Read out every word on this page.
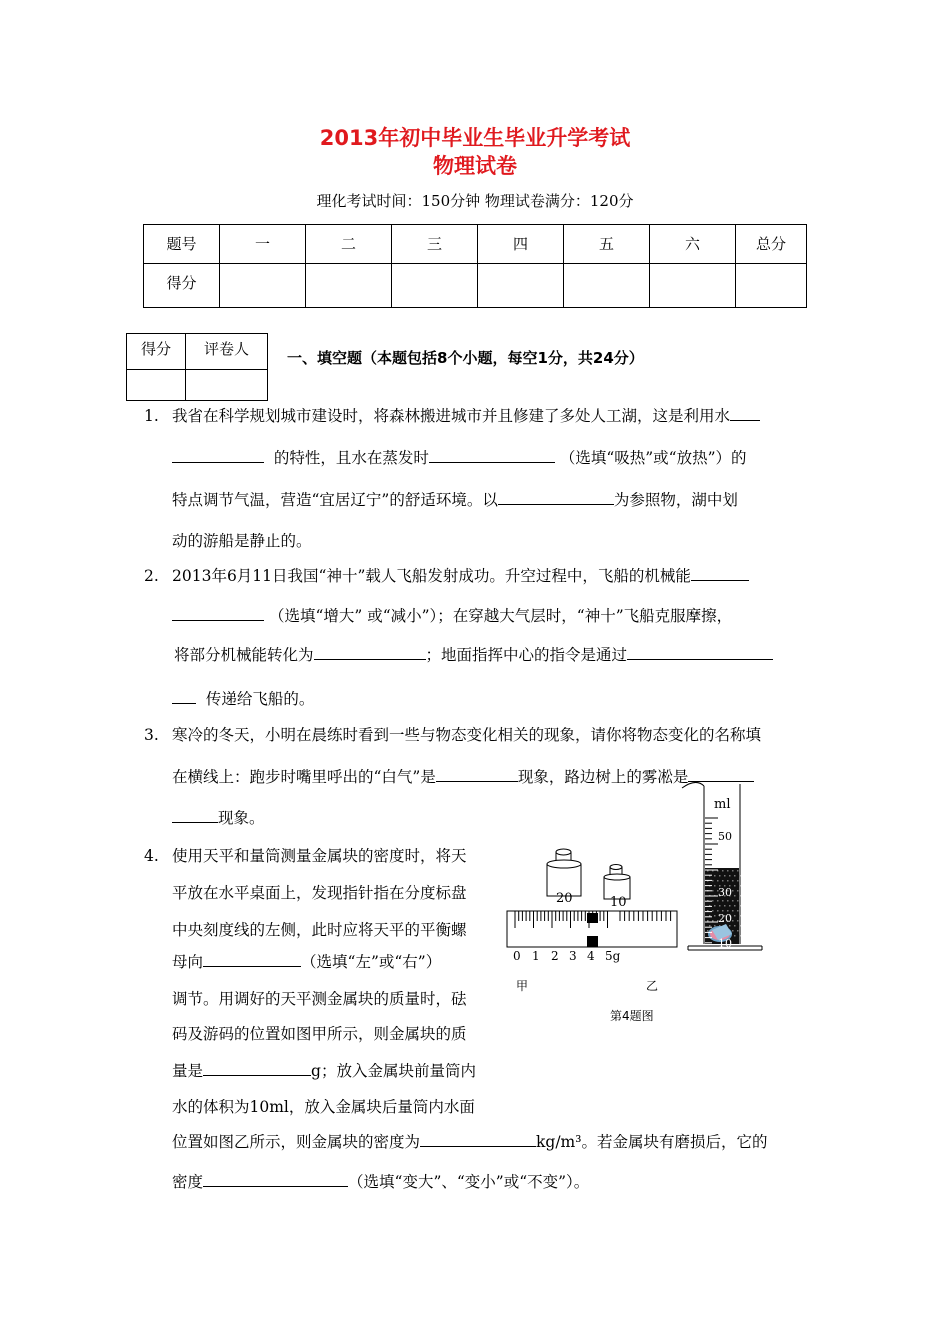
2013年初中毕业生毕业升学考试
物理试卷
理化考试时间：150分钟 物理试卷满分：120分
题号	一	二	三	四	五	六	总分
得分							
得分	评卷人
		一、填空题（本题包括8个小题，每空1分，共24分）
1. 我省在科学规划城市建设时，将森林搬进城市并且修建了多处人工湖，这是利用水
的特性，且水在蒸发时	（选填“吸热”或“放热”）的
特点调节气温，营造“宜居辽宁”的舒适环境。以	为参照物，湖中划
动的游船是静止的。
2. 2013年6月11日我国“神十”载人飞船发射成功。升空过程中，飞船的机械能
（选填“增大” 或“减小”）；在穿越大气层时，“神十”飞船克服摩擦，
将部分机械能转化为	；地面指挥中心的指令是通过
传递给飞船的。
3. 寒冷的冬天，小明在晨练时看到一些与物态变化相关的现象，请你将物态变化的名称填
在横线上：跑步时嘴里呼出的“白气”是	现象，路边树上的雾凇是
现象。
4. 使用天平和量筒测量金属块的密度时，将天
平放在水平桌面上，发现指针指在分度标盘
中央刻度线的左侧，此时应将天平的平衡螺
母向	（选填“左”或“右”）
调节。用调好的天平测金属块的质量时，砝
码及游码的位置如图甲所示，则金属块的质
量是	g；放入金属块前量筒内
水的体积为10ml，放入金属块后量筒内水面
位置如图乙所示，则金属块的密度为	kg/m³。若金属块有磨损后，它的
密度	（选填“变大”、“变小”或“不变”）。
20	10
0 1 2 3 4 5g
甲	乙
第4题图
ml
50
40
30
20
10
